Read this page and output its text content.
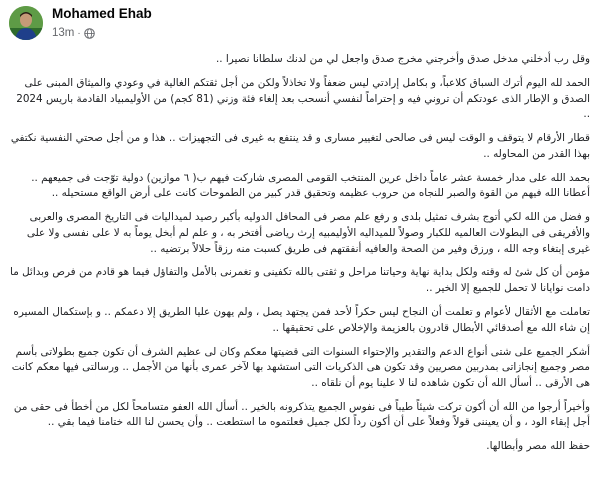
Mohamed Ehab
13m ·

وقل رب أدخلني مدخل صدق وأخرجني مخرج صدق واجعل لي من لدنك سلطانا نصيرا ..

الحمد لله اليوم أترك السباق كلاعباً، و بكامل إرادتي ليس ضعفاً ولا تخاذلاً ولكن من أجل ثقتكم الغالية في وعودي والميثاق المبنى على الصدق و الإطار الذى عودتكم أن تروني فيه و إحتراماً لنفسي أنسحب بعد إلغاء فئة وزني (81 كجم) من الأوليمبياد القادمة باريس 2024 ..

قطار الأرقام لا يتوقف و الوقت ليس فى صالحى لتغيير مسارى و قد ينتفع به غيرى فى التجهيزات .. هذا و من أجل صحتي النفسية نكتفي بهذا القدر من المحاوله ..

بحمد الله على مدار خمسة عشر عاماً داخل عرين المنتخب القومى المصرى شاركت فيهم ب( ٦ موازين) دولية توّجت فى جميعهم .. أعطانا الله فيهم من القوة والصبر للنجاه من حروب عظيمه وتحقيق قدر كبير من الطموحات كانت على أرض الواقع مستحيله ..

و فضل من الله لكي أتوج بشرف تمثيل بلدى و رفع علم مصر فى المحافل الدوليه بأكبر رصيد لميداليات فى التاريخ المصرى والعربى والأفريقى فى البطولات العالميه للكبار وصولاً للميداليه الأوليمبيه إرث رياضى أفتخر به ، و علم لم أبخل يوماً به لا على نفسى ولا على غيرى إبتغاء وجه الله ، ورزق وفير من الصحة والعافيه أنفقتهم فى طريق كسبت منه رزقاً حلالاً برتضيه ..

مؤمن أن كل شئ له وقته ولكل بداية نهاية وحياتنا مراحل و ثقتى بالله تكفينى و تغمرنى بالأمل والتفاؤل فيما هو قادم من فرص وبدائل ما دامت نوايانا لا تحمل للجميع إلا الخير ..

تعاملت مع الأثقال لأعوام و تعلمت أن النجاح ليس حكراً لأحد فمن يجتهد يصل ، ولم يهون عليا الطريق إلا دعمكم .. و بإستكمال المسيره إن شاء الله مع أصدقائي الأبطال قادرون بالعزيمة والإخلاص على تحقيقها ..

أشكر الجميع على شتى أنواع الدعم والتقدير والإحتواء السنوات التى قضيتها معكم وكان لى عظيم الشرف أن تكون جميع بطولاتى بأسم مصر وجميع إنجازاتى بمدربين مصريين وقد تكون هى الذكريات التى استشهد بها لآخر عمرى بأنها من الأجمل .. ورسالتى فيها معكم كانت هى الأرقى .. أسأل الله أن تكون شاهده لنا لا علينا يوم أن نلقاه ..

وأخيراً أرجوا من الله أن أكون تركت شيئاً طيباً فى نفوس الجميع يتذكرونه بالخير .. أسأل الله العفو متسامحاً لكل من أخطأ فى حقى من أجل إبقاء الود ، و أن يعيننى قولاً وفعلاً على أن أكون رداً لكل جميل فعلتموه ما استطعت .. وأن يحسن لنا الله ختامنا فيما بقي ..

حفظ الله مصر وأبطالها.
